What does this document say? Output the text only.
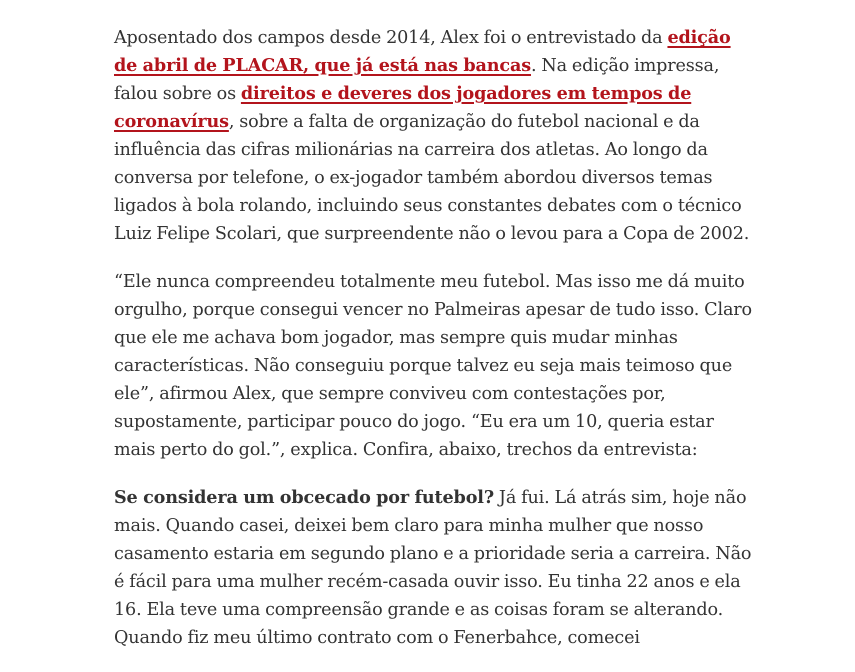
Aposentado dos campos desde 2014, Alex foi o entrevistado da edição de abril de PLACAR, que já está nas bancas. Na edição impressa, falou sobre os direitos e deveres dos jogadores em tempos de coronavírus, sobre a falta de organização do futebol nacional e da influência das cifras milionárias na carreira dos atletas. Ao longo da conversa por telefone, o ex-jogador também abordou diversos temas ligados à bola rolando, incluindo seus constantes debates com o técnico Luiz Felipe Scolari, que surpreendente não o levou para a Copa de 2002.

“Ele nunca compreendeu totalmente meu futebol. Mas isso me dá muito orgulho, porque consegui vencer no Palmeiras apesar de tudo isso. Claro que ele me achava bom jogador, mas sempre quis mudar minhas características. Não conseguiu porque talvez eu seja mais teimoso que ele”, afirmou Alex, que sempre conviveu com contestações por, supostamente, participar pouco do jogo. “Eu era um 10, queria estar mais perto do gol.”, explica. Confira, abaixo, trechos da entrevista:

Se considera um obcecado por futebol? Já fui. Lá atrás sim, hoje não mais. Quando casei, deixei bem claro para minha mulher que nosso casamento estaria em segundo plano e a prioridade seria a carreira. Não é fácil para uma mulher recém-casada ouvir isso. Eu tinha 22 anos e ela 16. Ela teve uma compreensão grande e as coisas foram se alterando. Quando fiz meu último contrato com o Fenerbahce, comecei
